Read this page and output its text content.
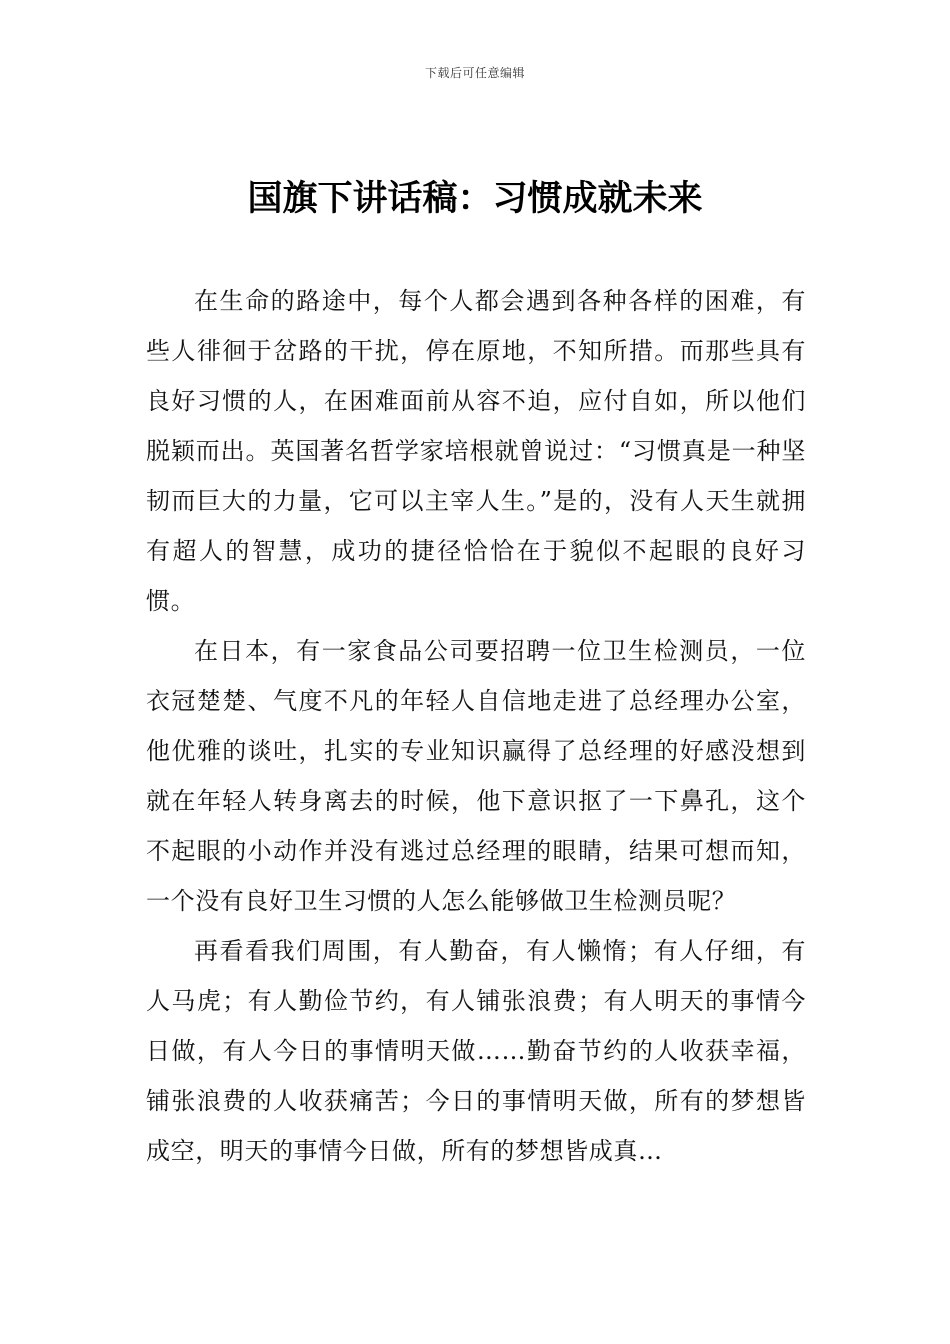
下载后可任意编辑
国旗下讲话稿：习惯成就未来

在生命的路途中，每个人都会遇到各种各样的困难，有些人徘徊于岔路的干扰，停在原地，不知所措。而那些具有良好习惯的人，在困难面前从容不迫，应付自如，所以他们脱颖而出。英国著名哲学家培根就曾说过：“习惯真是一种坚韧而巨大的力量，它可以主宰人生。”是的，没有人天生就拥有超人的智慧，成功的捷径恰恰在于貌似不起眼的良好习惯。

在日本，有一家食品公司要招聘一位卫生检测员，一位衣冠楚楚、气度不凡的年轻人自信地走进了总经理办公室，他优雅的谈吐，扎实的专业知识赢得了总经理的好感没想到就在年轻人转身离去的时候，他下意识抠了一下鼻孔，这个不起眼的小动作并没有逃过总经理的眼睛，结果可想而知，一个没有良好卫生习惯的人怎么能够做卫生检测员呢？

再看看我们周围，有人勤奋，有人懒惰；有人仔细，有人马虎；有人勤俭节约，有人铺张浪费；有人明天的事情今日做，有人今日的事情明天做……勤奋节约的人收获幸福，铺张浪费的人收获痛苦；今日的事情明天做，所有的梦想皆成空，明天的事情今日做，所有的梦想皆成真…
